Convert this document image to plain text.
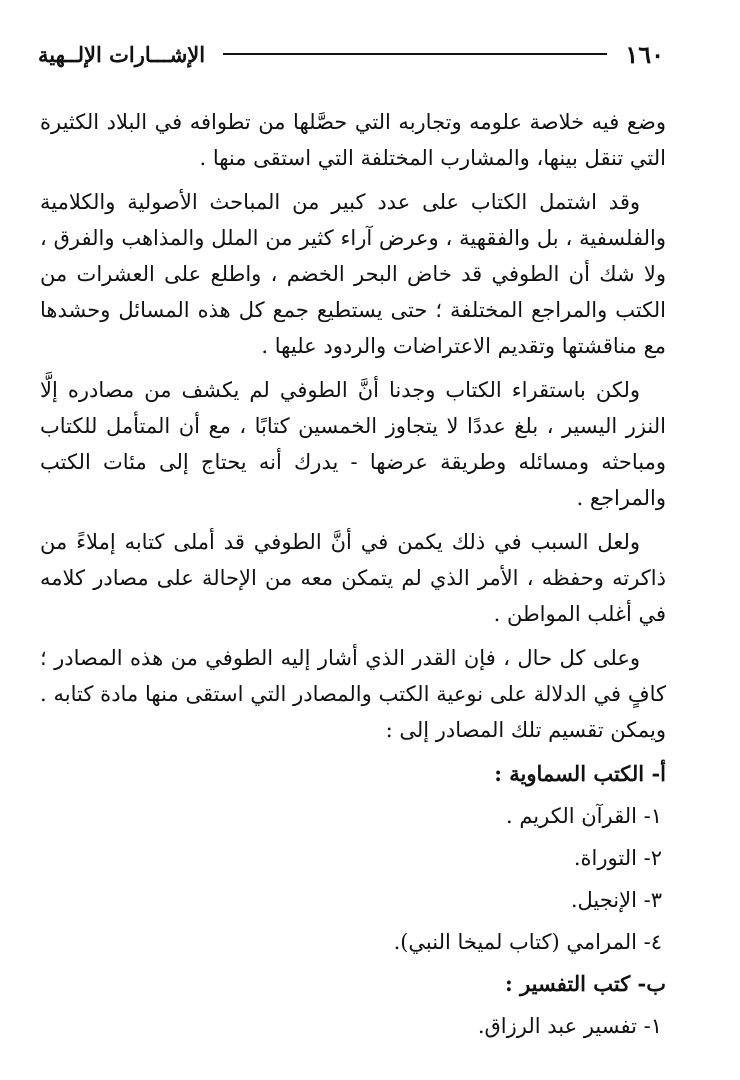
١٦٠
الإشـــارات الإلــهية

وضع فيه خلاصة علومه وتجاربه التي حصَّلها من تطوافه في البلاد الكثيرة التي تنقل بينها، والمشارب المختلفة التي استقى منها .

وقد اشتمل الكتاب على عدد كبير من المباحث الأصولية والكلامية والفلسفية ، بل والفقهية ، وعرض آراء كثير من الملل والمذاهب والفرق ، ولا شك أن الطوفي قد خاض البحر الخضم ، واطلع على العشرات من الكتب والمراجع المختلفة ؛ حتى يستطيع جمع كل هذه المسائل وحشدها مع مناقشتها وتقديم الاعتراضات والردود عليها .

ولكن باستقراء الكتاب وجدنا أنَّ الطوفي لم يكشف من مصادره إلَّا النزر اليسير ، بلغ عددًا لا يتجاوز الخمسين كتابًا ، مع أن المتأمل للكتاب ومباحثه ومسائله وطريقة عرضها - يدرك أنه يحتاج إلى مئات الكتب والمراجع .

ولعل السبب في ذلك يكمن في أنَّ الطوفي قد أملى كتابه إملاءً من ذاكرته وحفظه ، الأمر الذي لم يتمكن معه من الإحالة على مصادر كلامه في أغلب المواطن .

وعلى كل حال ، فإن القدر الذي أشار إليه الطوفي من هذه المصادر ؛ كافٍ في الدلالة على نوعية الكتب والمصادر التي استقى منها مادة كتابه . ويمكن تقسيم تلك المصادر إلى :

أ- الكتب السماوية :
١- القرآن الكريم .
٢- التوراة.
٣- الإنجيل.
٤- المرامي (كتاب لميخا النبي).
ب- كتب التفسير :
١- تفسير عبد الرزاق.
